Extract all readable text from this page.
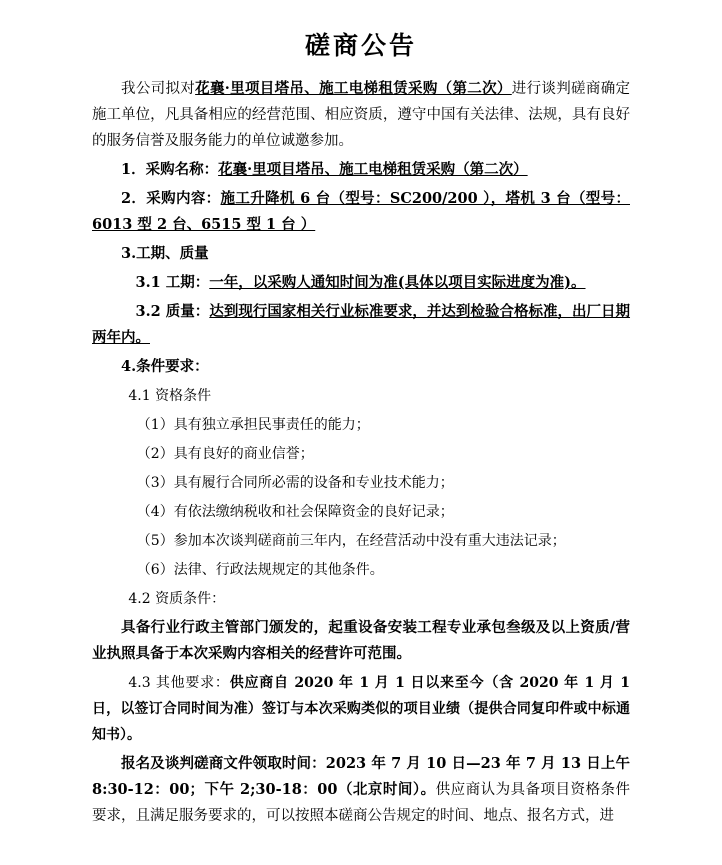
磋商公告

我公司拟对花襄·里项目塔吊、施工电梯租赁采购（第二次）进行谈判磋商确定施工单位，凡具备相应的经营范围、相应资质，遵守中国有关法律、法规，具有良好的服务信誉及服务能力的单位诚邀参加。

1．采购名称：花襄·里项目塔吊、施工电梯租赁采购（第二次）

2．采购内容：施工升降机 6 台（型号：SC200/200 ），塔机 3 台（型号：6013 型 2 台、6515 型 1 台 ）

3.工期、质量

3.1 工期：一年，以采购人通知时间为准(具体以项目实际进度为准)。

3.2 质量：达到现行国家相关行业标准要求，并达到检验合格标准，出厂日期两年内。

4.条件要求：

4.1 资格条件

（1）具有独立承担民事责任的能力；

（2）具有良好的商业信誉；

（3）具有履行合同所必需的设备和专业技术能力；

（4）有依法缴纳税收和社会保障资金的良好记录；

（5）参加本次谈判磋商前三年内，在经营活动中没有重大违法记录；

（6）法律、行政法规规定的其他条件。

4.2 资质条件：

具备行业行政主管部门颁发的，起重设备安装工程专业承包叁级及以上资质/营业执照具备于本次采购内容相关的经营许可范围。

4.3 其他要求：供应商自 2020 年 1 月 1 日以来至今（含 2020 年 1 月 1 日，以签订合同时间为准）签订与本次采购类似的项目业绩（提供合同复印件或中标通知书）。

报名及谈判磋商文件领取时间：2023 年 7 月 10 日—23 年 7 月 13 日上午 8:30-12：00；下午 2;30-18：00（北京时间）。供应商认为具备项目资格条件要求，且满足服务要求的，可以按照本磋商公告规定的时间、地点、报名方式，进
